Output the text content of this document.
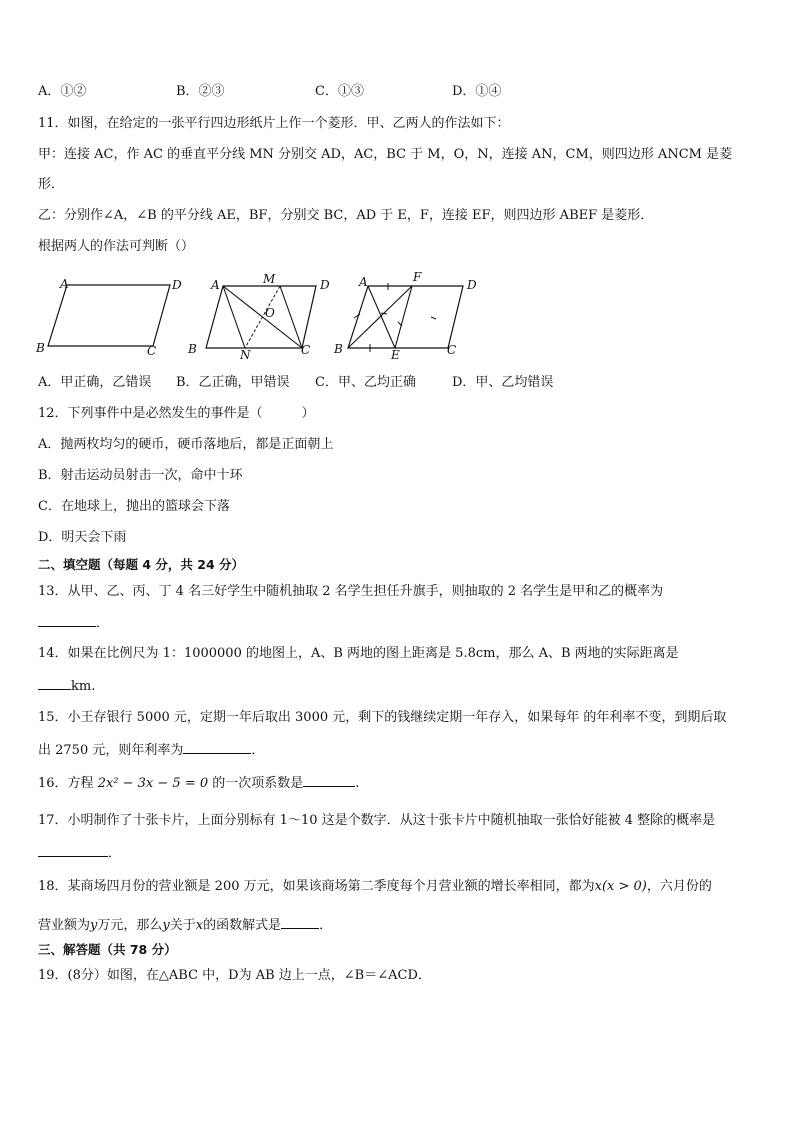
A．①②	B．②③	C．①③	D．①④
11．如图，在给定的一张平行四边形纸片上作一个菱形．甲、乙两人的作法如下：
甲：连接 AC，作 AC 的垂直平分线 MN 分别交 AD，AC，BC 于 M，O，N，连接 AN，CM，则四边形 ANCM 是菱
形．
乙：分别作∠A，∠B 的平分线 AE，BF，分别交 BC，AD 于 E，F，连接 EF，则四边形 ABEF 是菱形．
根据两人的作法可判断（）
A	D
B	C
A	M	D
O
B	N	C
A	F
D
B	E	C
A．甲正确，乙错误 B．乙正确，甲错误 C．甲、乙均正确	D．甲、乙均错误
12．下列事件中是必然发生的事件是（　　　）
A．抛两枚均匀的硬币，硬币落地后，都是正面朝上
B．射击运动员射击一次，命中十环
C．在地球上，抛出的篮球会下落
D．明天会下雨
二、填空题（每题 4 分，共 24 分）
13．从甲、乙、丙、丁 4 名三好学生中随机抽取 2 名学生担任升旗手，则抽取的 2 名学生是甲和乙的概率为
．
14．如果在比例尺为 1：1000000 的地图上，A、B 两地的图上距离是 5.8cm，那么 A、B 两地的实际距离是
km.
15．小王存银行 5000 元，定期一年后取出 3000 元，剩下的钱继续定期一年存入，如果每年 的年利率不变，到期后取
出 2750 元，则年利率为	．
16．方程 2x² − 3x − 5 = 0 的一次项系数是	.
17．小明制作了十张卡片，上面分别标有 1～10 这是个数字．从这十张卡片中随机抽取一张恰好能被 4 整除的概率是
．
18．某商场四月份的营业额是 200 万元，如果该商场第二季度每个月营业额的增长率相同，都为x(x > 0)，六月份的
营业额为y万元，那么y关于x的函数解式是	．
三、解答题（共 78 分）
19．(8分）如图，在△ABC 中，D为 AB 边上一点，∠B＝∠ACD．
